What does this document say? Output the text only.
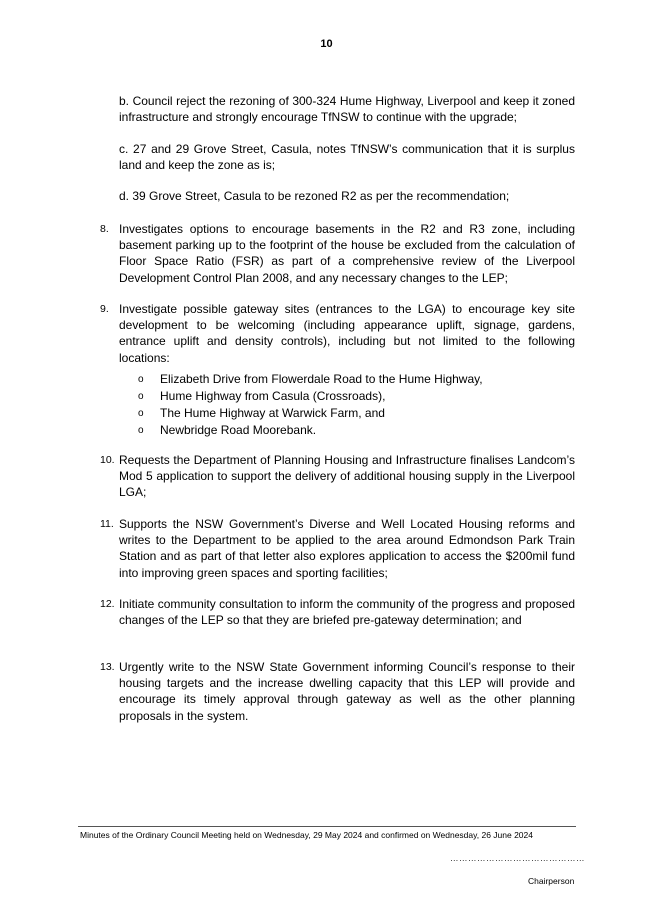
10
b. Council reject the rezoning of 300-324 Hume Highway, Liverpool and keep it zoned infrastructure and strongly encourage TfNSW to continue with the upgrade;
c. 27 and 29 Grove Street, Casula, notes TfNSW’s communication that it is surplus land and keep the zone as is;
d. 39 Grove Street, Casula to be rezoned R2 as per the recommendation;
8. Investigates options to encourage basements in the R2 and R3 zone, including basement parking up to the footprint of the house be excluded from the calculation of Floor Space Ratio (FSR) as part of a comprehensive review of the Liverpool Development Control Plan 2008, and any necessary changes to the LEP;
9. Investigate possible gateway sites (entrances to the LGA) to encourage key site development to be welcoming (including appearance uplift, signage, gardens, entrance uplift and density controls), including but not limited to the following locations:
o Elizabeth Drive from Flowerdale Road to the Hume Highway,
o Hume Highway from Casula (Crossroads),
o The Hume Highway at Warwick Farm, and
o Newbridge Road Moorebank.
10. Requests the Department of Planning Housing and Infrastructure finalises Landcom’s Mod 5 application to support the delivery of additional housing supply in the Liverpool LGA;
11. Supports the NSW Government’s Diverse and Well Located Housing reforms and writes to the Department to be applied to the area around Edmondson Park Train Station and as part of that letter also explores application to access the $200mil fund into improving green spaces and sporting facilities;
12. Initiate community consultation to inform the community of the progress and proposed changes of the LEP so that they are briefed pre-gateway determination; and
13. Urgently write to the NSW State Government informing Council’s response to their housing targets and the increase dwelling capacity that this LEP will provide and encourage its timely approval through gateway as well as the other planning proposals in the system.
Minutes of the Ordinary Council Meeting held on Wednesday, 29 May 2024 and confirmed on Wednesday, 26 June 2024
………………………………………
Chairperson
